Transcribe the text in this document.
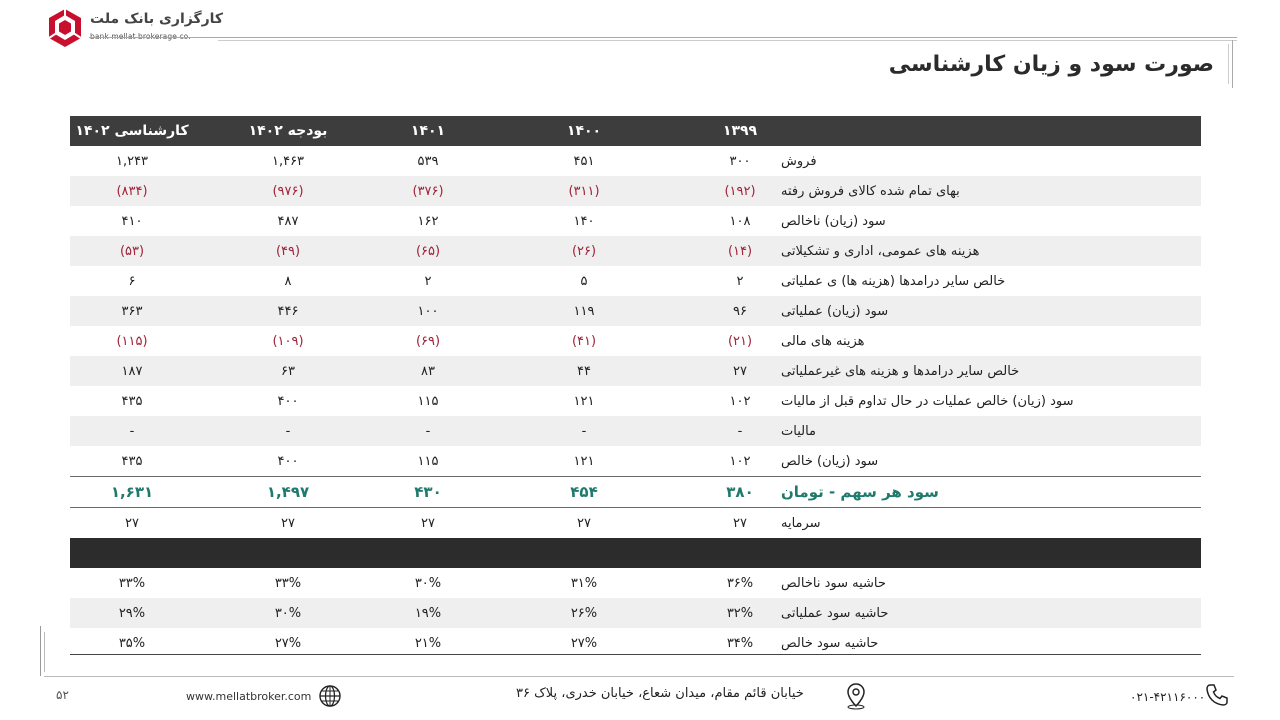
کارگزاری بانک ملت
صورت سود و زیان کارشناسی
کارشناسی ۱۴۰۲	بودجه ۱۴۰۲	۱۴۰۱	۱۴۰۰	۱۳۹۹
۱,۲۴۳	۱,۴۶۳	۵۳۹	۴۵۱	۳۰۰	فروش
(۸۳۴)	(۹۷۶)	(۳۷۶)	(۳۱۱)	(۱۹۲)	بهای تمام شده کالای فروش رفته
۴۱۰	۴۸۷	۱۶۲	۱۴۰	۱۰۸	سود (زیان) ناخالص
(۵۳)	(۴۹)	(۶۵)	(۲۶)	(۱۴)	هزینه های عمومی، اداری و تشکیلاتی
۶	۸	۲	۵	۲	خالص سایر درامدها (هزینه ها) ی عملیاتی
۳۶۳	۴۴۶	۱۰۰	۱۱۹	۹۶	سود (زیان) عملیاتی
(۱۱۵)	(۱۰۹)	(۶۹)	(۴۱)	(۲۱)	هزینه های مالی
۱۸۷	۶۳	۸۳	۴۴	۲۷	خالص سایر درامدها و هزینه های غیرعملیاتی
۴۳۵	۴۰۰	۱۱۵	۱۲۱	۱۰۲	سود (زیان) خالص عملیات در حال تداوم قبل از مالیات
-	-	-	-	-	مالیات
۴۳۵	۴۰۰	۱۱۵	۱۲۱	۱۰۲	سود (زیان) خالص
۱,۶۳۱	۱,۴۹۷	۴۳۰	۴۵۴	۳۸۰	سود هر سهم - تومان
۲۷	۲۷	۲۷	۲۷	۲۷	سرمایه
۳۳%	۳۳%	۳۰%	۳۱%	۳۶%	حاشیه سود ناخالص
۲۹%	۳۰%	۱۹%	۲۶%	۳۲%	حاشیه سود عملیاتی
۳۵%	۲۷%	۲۱%	۲۷%	۳۴%	حاشیه سود خالص
۵۲	www.mellatbroker.com	خیابان قائم مقام، میدان شعاع، خیابان خدری، پلاک ۳۶	۰۲۱-۴۲۱۱۶۰۰۰
